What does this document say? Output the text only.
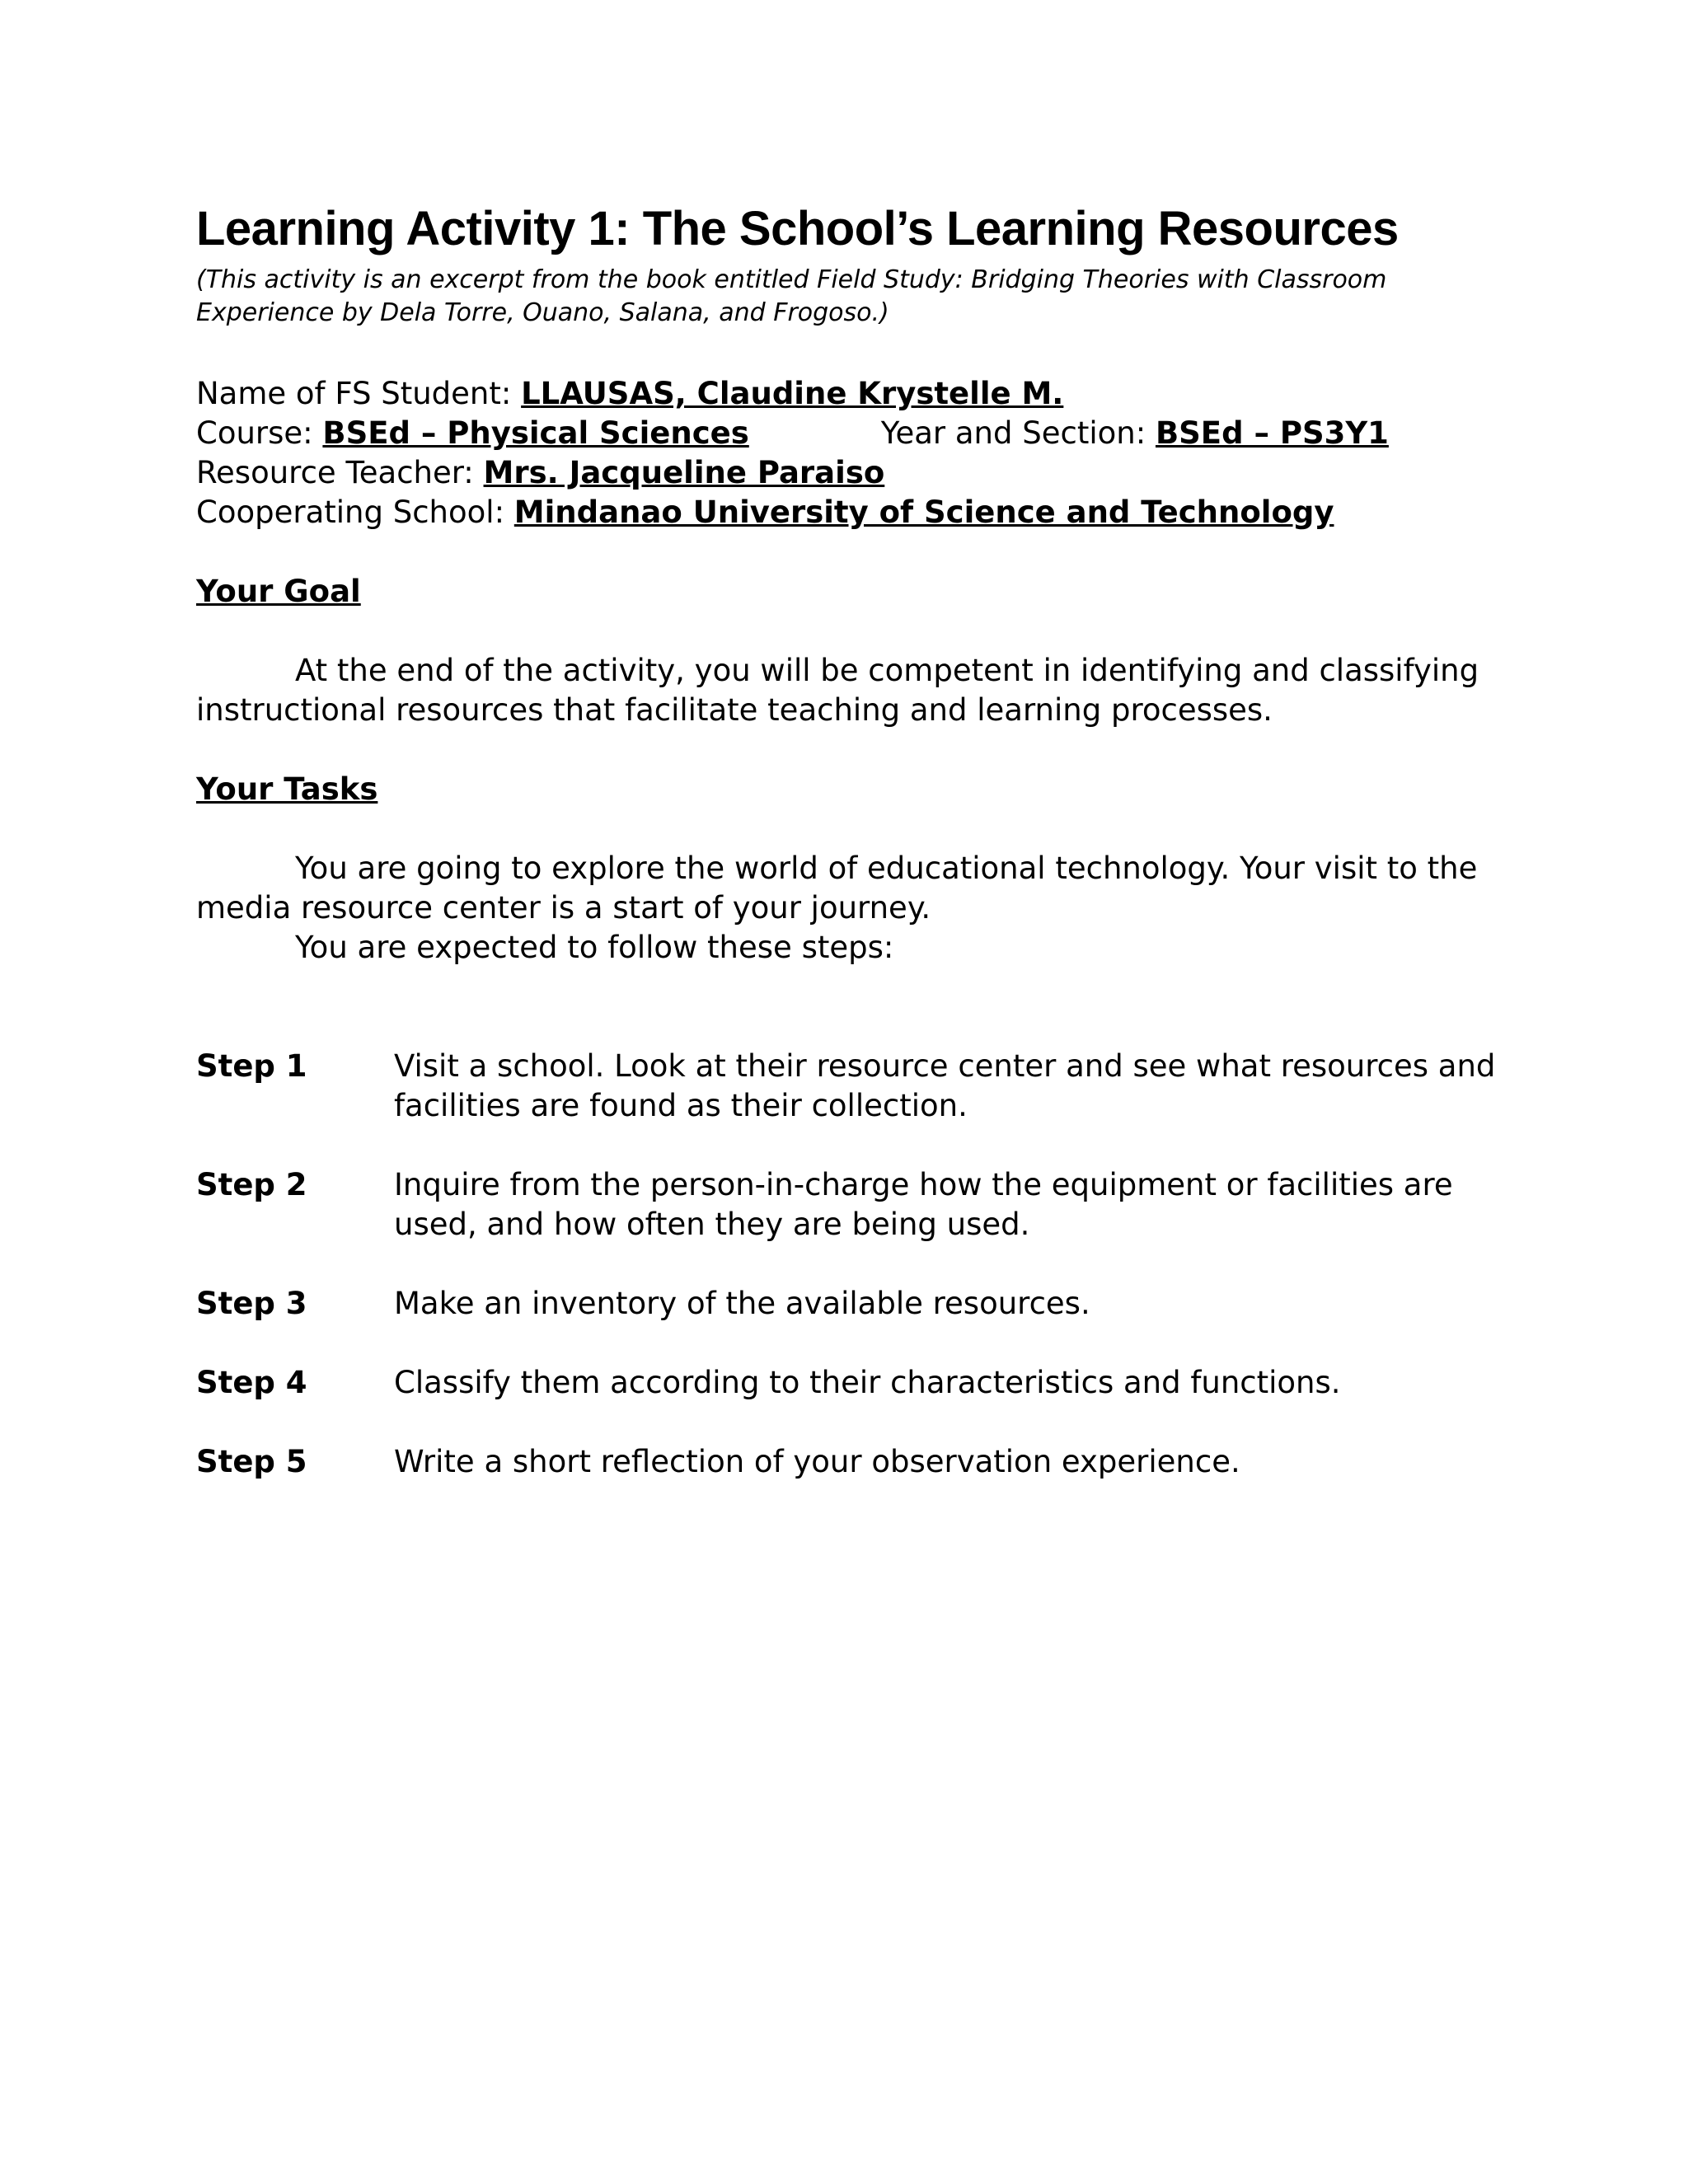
Learning Activity 1: The School’s Learning Resources

(This activity is an excerpt from the book entitled Field Study: Bridging Theories with Classroom Experience by Dela Torre, Ouano, Salana, and Frogoso.)

Name of FS Student: LLAUSAS, Claudine Krystelle M.
Course: BSEd – Physical Sciences	Year and Section: BSEd – PS3Y1
Resource Teacher: Mrs. Jacqueline Paraiso
Cooperating School: Mindanao University of Science and Technology
Your Goal

At the end of the activity, you will be competent in identifying and classifying instructional resources that facilitate teaching and learning processes.

Your Tasks

You are going to explore the world of educational technology. Your visit to the media resource center is a start of your journey.

You are expected to follow these steps:

Step 1	Visit a school. Look at their resource center and see what resources and facilities are found as their collection.
Step 2	Inquire from the person-in-charge how the equipment or facilities are used, and how often they are being used.
Step 3	Make an inventory of the available resources.
Step 4	Classify them according to their characteristics and functions.
Step 5	Write a short reflection of your observation experience.
